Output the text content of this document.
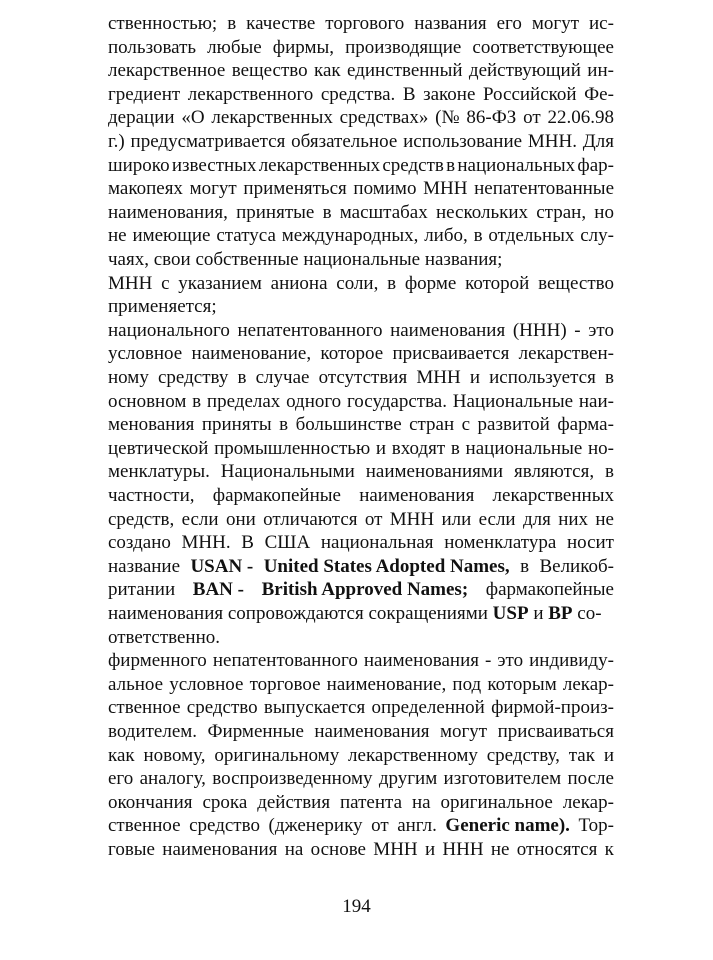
ственностью; в качестве торгового названия его могут ис-
пользовать любые фирмы, производящие соответствующее
лекарственное вещество как единственный действующий ин-
гредиент лекарственного средства. В законе Российской Фе-
дерации «О лекарственных средствах» (№ 86-ФЗ от 22.06.98
г.) предусматривается обязательное использование МНН. Для
широко известных лекарственных средств в национальных фар-
макопеях могут применяться помимо МНН непатентованные
наименования, принятые в масштабах нескольких стран, но
не имеющие статуса международных, либо, в отдельных слу-
чаях, свои собственные национальные названия;
МНН с указанием аниона соли, в форме которой вещество
применяется;
национального непатентованного наименования (ННН) - это
условное наименование, которое присваивается лекарствен-
ному средству в случае отсутствия МНН и используется в
основном в пределах одного государства. Национальные наи-
менования приняты в большинстве стран с развитой фарма-
цевтической промышленностью и входят в национальные но-
менклатуры. Национальными наименованиями являются, в
частности, фармакопейные наименования лекарственных
средств, если они отличаются от МНН или если для них не
создано МНН. В США национальная номенклатура носит
название USAN - United States Adopted Names, в Великоб-
ритании BAN - British Approved Names; фармакопейные
наименования сопровождаются сокращениями USP и BP со-
ответственно.
фирменного непатентованного наименования - это индивиду-
альное условное торговое наименование, под которым лекар-
ственное средство выпускается определенной фирмой-произ-
водителем. Фирменные наименования могут присваиваться
как новому, оригинальному лекарственному средству, так и
его аналогу, воспроизведенному другим изготовителем после
окончания срока действия патента на оригинальное лекар-
ственное средство (дженерику от англ. Generic name). Тор-
говые наименования на основе МНН и ННН не относятся к
194
